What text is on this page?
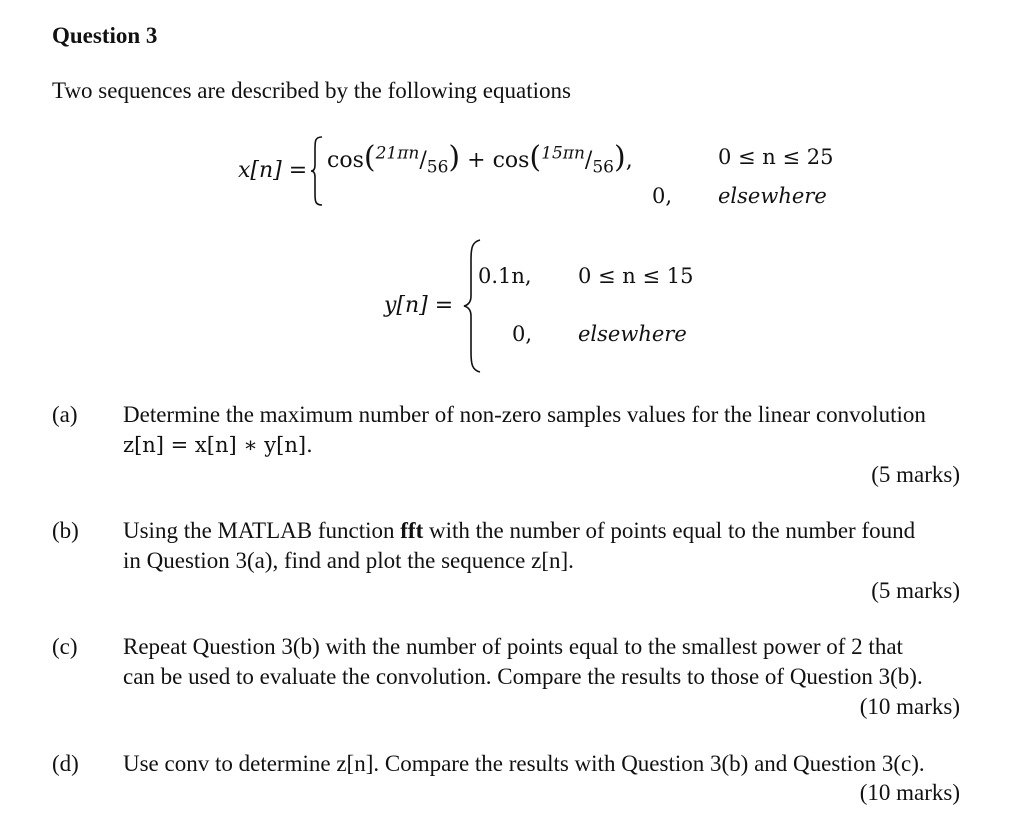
Question 3
Two sequences are described by the following equations
$x[n] = \cos(^{21\pi n}/_{56}) + \cos(^{15\pi n}/_{56})$,	0 ≤ n ≤ 25
0, elsewhere
y[n] =
0.1n, 0 ≤ n ≤ 15
0, elsewhere
(a) Determine the maximum number of non-zero samples values for the linear convolution
z[n] = x[n] ∗ y[n].
(5 marks)
(b) Using the MATLAB function fft with the number of points equal to the number found
in Question 3(a), find and plot the sequence z[n].
(5 marks)
(c) Repeat Question 3(b) with the number of points equal to the smallest power of 2 that
can be used to evaluate the convolution. Compare the results to those of Question 3(b).
(10 marks)
(d) Use conv to determine z[n]. Compare the results with Question 3(b) and Question 3(c).
(10 marks)
